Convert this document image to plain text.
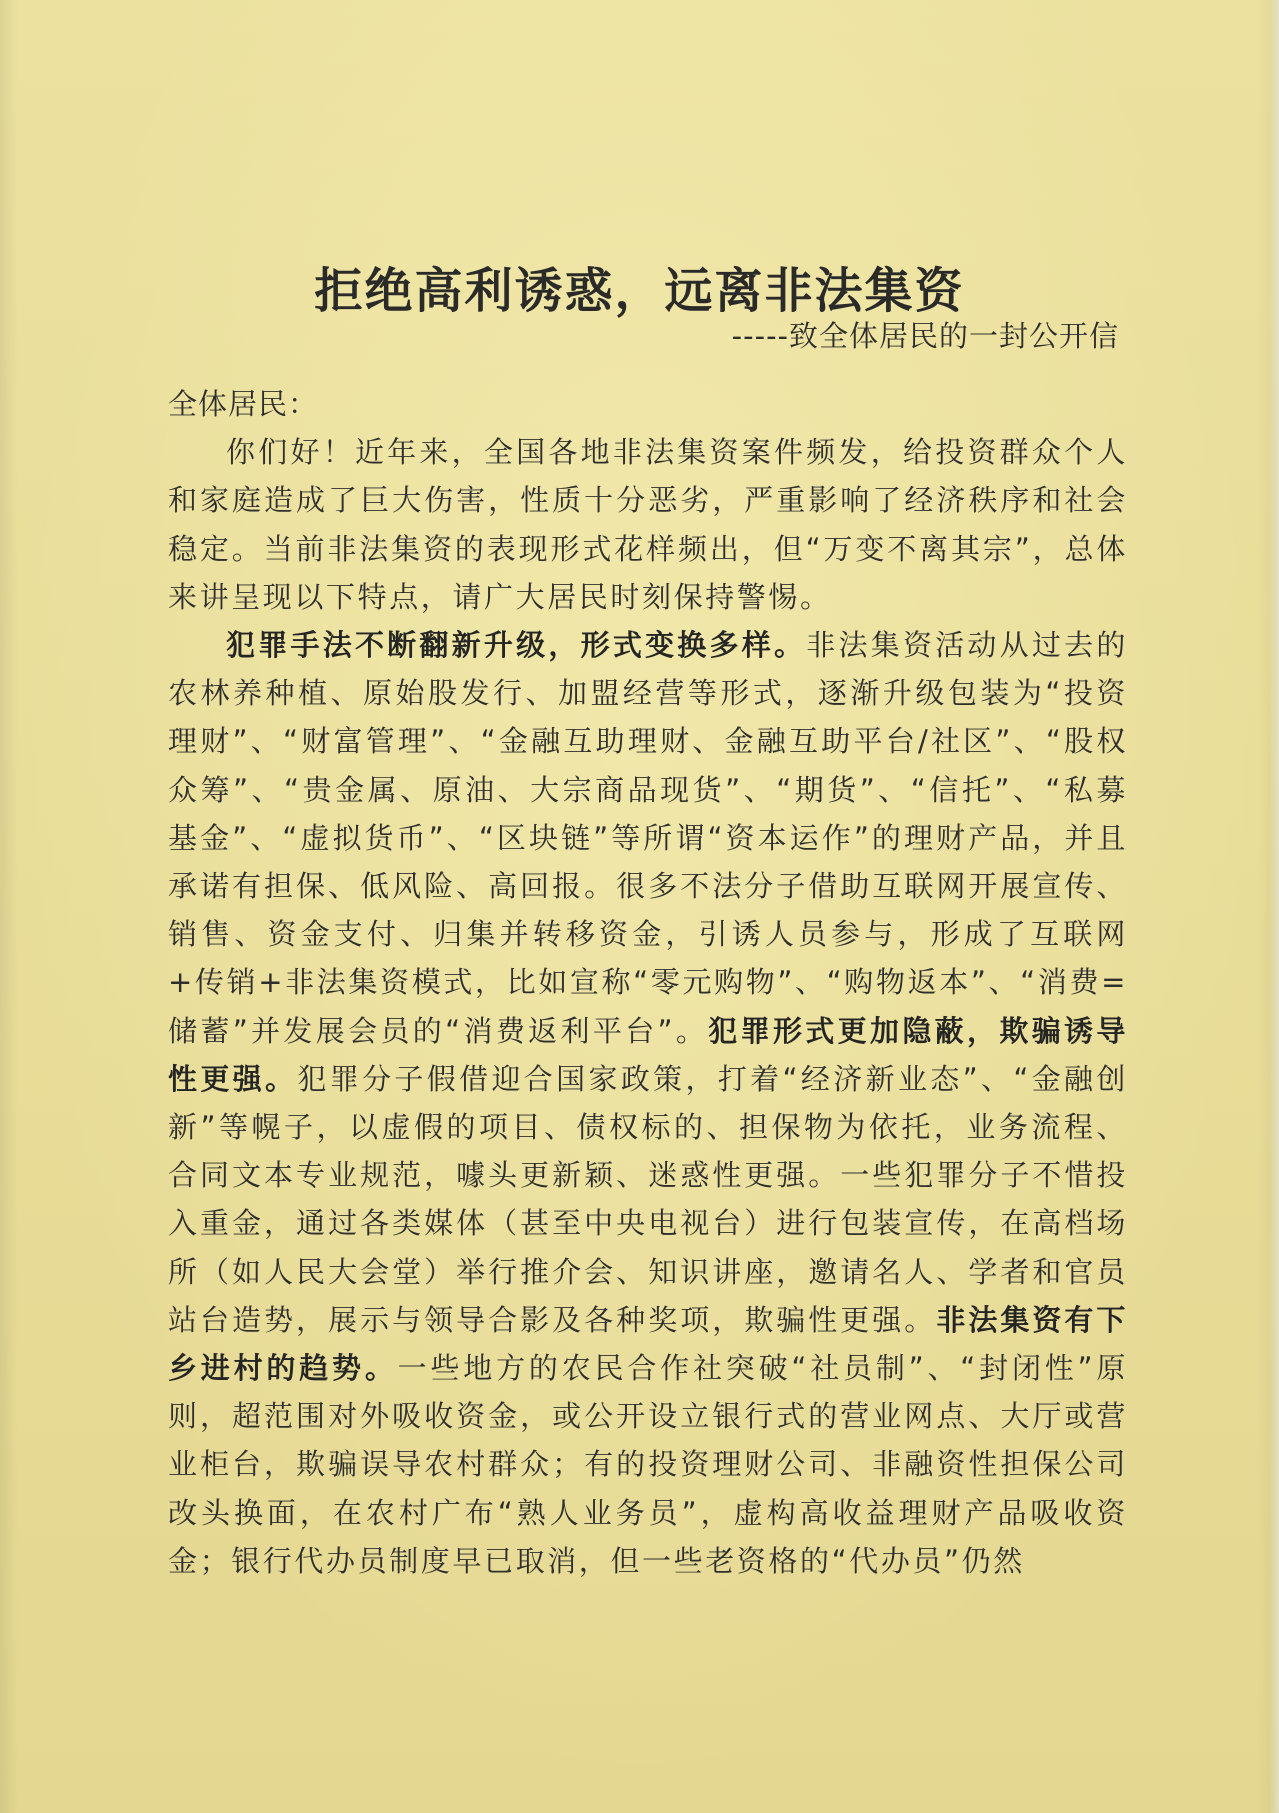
拒绝高利诱惑，远离非法集资
-----致全体居民的一封公开信

全体居民：

你们好！近年来，全国各地非法集资案件频发，给投资群众个人和家庭造成了巨大伤害，性质十分恶劣，严重影响了经济秩序和社会稳定。当前非法集资的表现形式花样频出，但“万变不离其宗”，总体来讲呈现以下特点，请广大居民时刻保持警惕。

犯罪手法不断翻新升级，形式变换多样。非法集资活动从过去的农林养种植、原始股发行、加盟经营等形式，逐渐升级包装为“投资理财”、“财富管理”、“金融互助理财、金融互助平台/社区”、“股权众筹”、“贵金属、原油、大宗商品现货”、“期货”、“信托”、“私募基金”、“虚拟货币”、“区块链”等所谓“资本运作”的理财产品，并且承诺有担保、低风险、高回报。很多不法分子借助互联网开展宣传、销售、资金支付、归集并转移资金，引诱人员参与，形成了互联网+传销+非法集资模式，比如宣称“零元购物”、“购物返本”、“消费=储蓄”并发展会员的“消费返利平台”。犯罪形式更加隐蔽，欺骗诱导性更强。犯罪分子假借迎合国家政策，打着“经济新业态”、“金融创新”等幌子，以虚假的项目、债权标的、担保物为依托，业务流程、合同文本专业规范，噱头更新颖、迷惑性更强。一些犯罪分子不惜投入重金，通过各类媒体（甚至中央电视台）进行包装宣传，在高档场所（如人民大会堂）举行推介会、知识讲座，邀请名人、学者和官员站台造势，展示与领导合影及各种奖项，欺骗性更强。非法集资有下乡进村的趋势。一些地方的农民合作社突破“社员制”、“封闭性”原则，超范围对外吸收资金，或公开设立银行式的营业网点、大厅或营业柜台，欺骗误导农村群众；有的投资理财公司、非融资性担保公司改头换面，在农村广布“熟人业务员”，虚构高收益理财产品吸收资金；银行代办员制度早已取消，但一些老资格的“代办员”仍然
